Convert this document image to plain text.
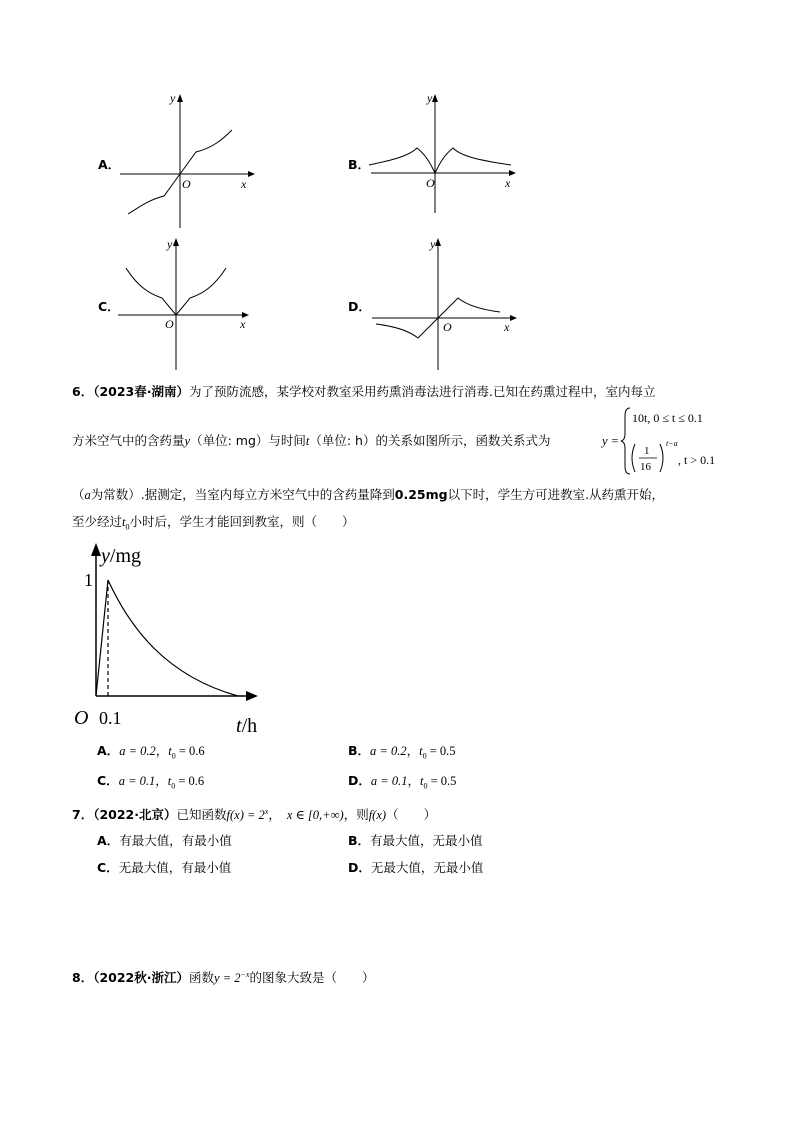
A．
y
O	x
B．
y
O	x
C．
y
O	x
D．
y
O	x
6．（2023春·湖南）为了预防流感，某学校对教室采用药熏消毒法进行消毒.已知在药熏过程中，室内每立
方米空气中的含药量y（单位: mg）与时间t（单位: h）的关系如图所示，函数关系式为	y =
10t, 0 ≤ t ≤ 0.1
1
16
t−a
, t > 0.1
（a为常数）.据测定，当室内每立方米空气中的含药量降到0.25mg以下时，学生方可进教室.从药熏开始，
至少经过$t_0$小时后，学生才能回到教室，则（　　）
1
y/mg
O 0.1	t/h
A．a = 0.2，$t_0 = 0.6$	B．a = 0.2，$t_0 = 0.5$
C．a = 0.1，$t_0 = 0.6$	D．a = 0.1，$t_0 = 0.5$
7．（2022·北京）已知函数$f(x) = 2^x$， x ∈ [0,+∞)，则f(x)（　　）
A．有最大值，有最小值	B．有最大值，无最小值
C．无最大值，有最小值	D．无最大值，无最小值
8．（2022秋·浙江）函数$y = 2^{-x}$的图象大致是（　　）
